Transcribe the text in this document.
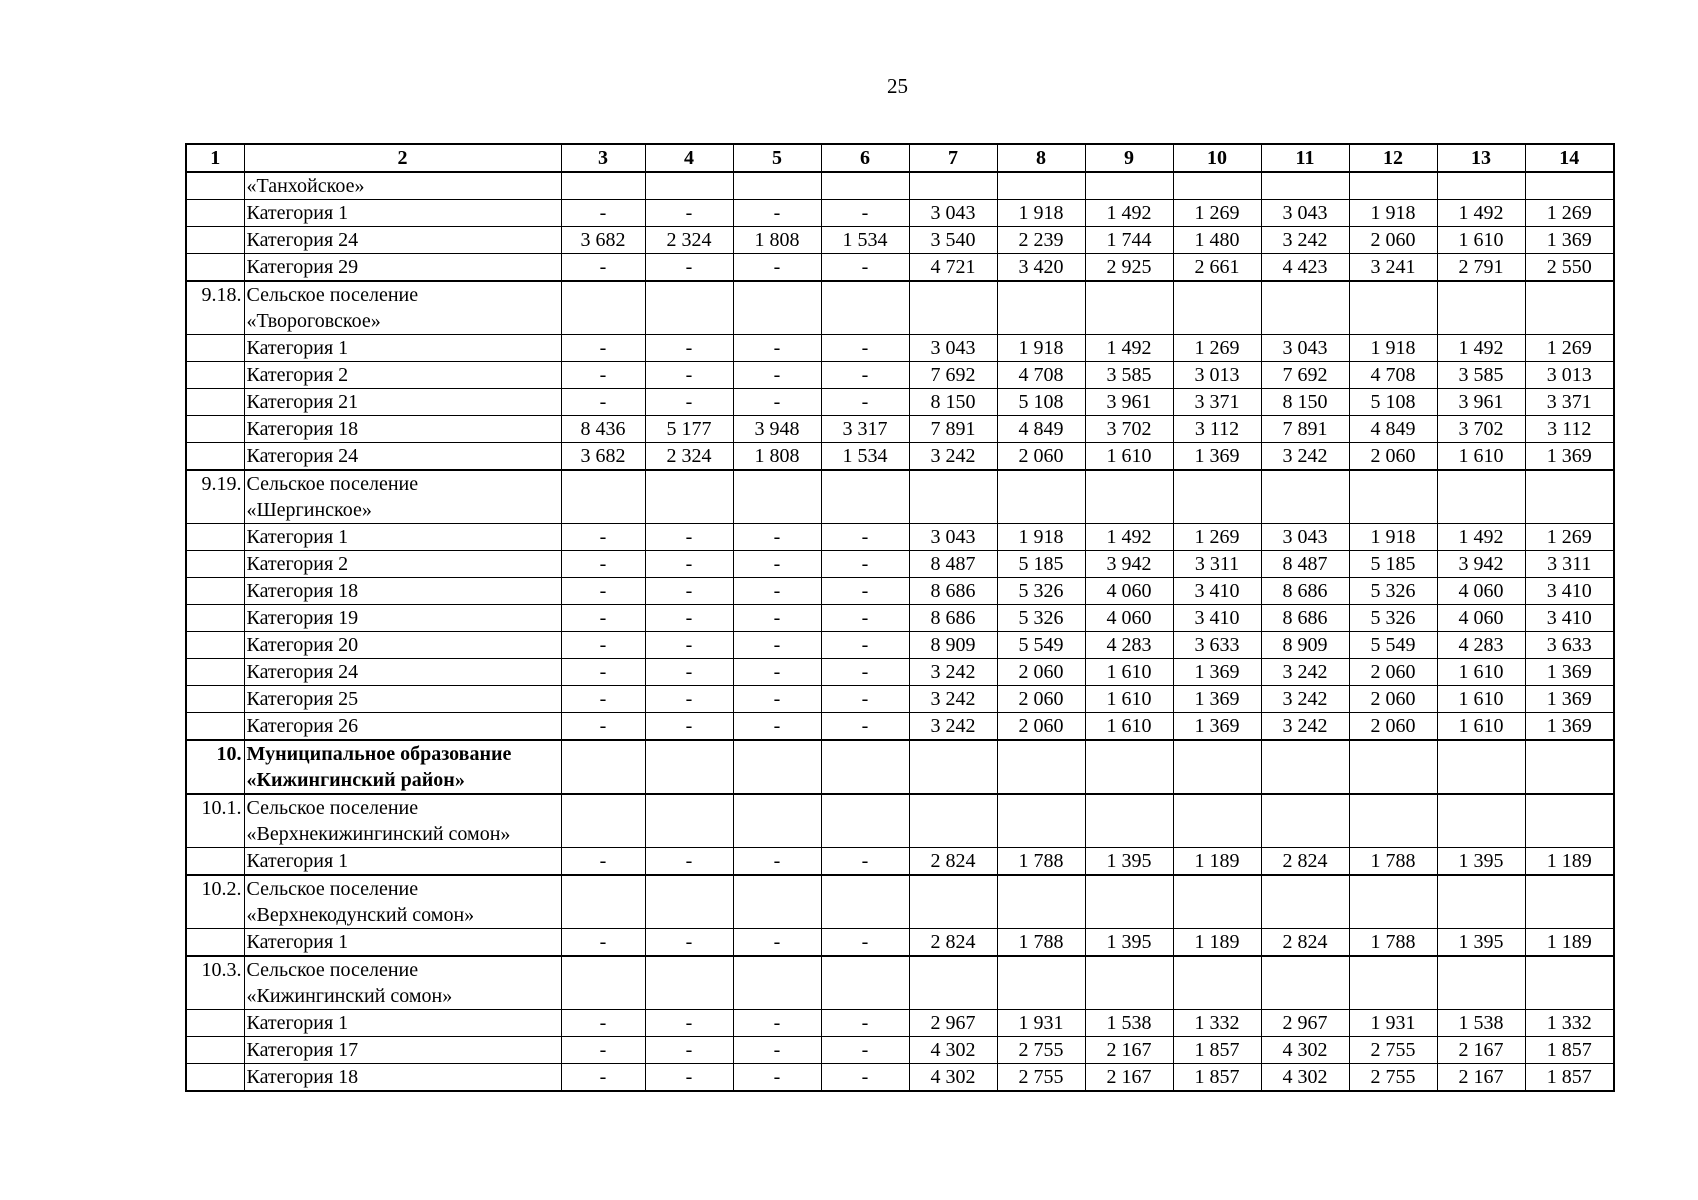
25
1	2	3	4	5	6	7	8	9	10	11	12	13	14
	«Танхойское»												
	Категория 1	-	-	-	-	3 043	1 918	1 492	1 269	3 043	1 918	1 492	1 269
	Категория 24	3 682	2 324	1 808	1 534	3 540	2 239	1 744	1 480	3 242	2 060	1 610	1 369
	Категория 29	-	-	-	-	4 721	3 420	2 925	2 661	4 423	3 241	2 791	2 550
9.18.	Сельское поселение
«Твороговское»												
	Категория 1	-	-	-	-	3 043	1 918	1 492	1 269	3 043	1 918	1 492	1 269
	Категория 2	-	-	-	-	7 692	4 708	3 585	3 013	7 692	4 708	3 585	3 013
	Категория 21	-	-	-	-	8 150	5 108	3 961	3 371	8 150	5 108	3 961	3 371
	Категория 18	8 436	5 177	3 948	3 317	7 891	4 849	3 702	3 112	7 891	4 849	3 702	3 112
	Категория 24	3 682	2 324	1 808	1 534	3 242	2 060	1 610	1 369	3 242	2 060	1 610	1 369
9.19.	Сельское поселение
«Шергинское»												
	Категория 1	-	-	-	-	3 043	1 918	1 492	1 269	3 043	1 918	1 492	1 269
	Категория 2	-	-	-	-	8 487	5 185	3 942	3 311	8 487	5 185	3 942	3 311
	Категория 18	-	-	-	-	8 686	5 326	4 060	3 410	8 686	5 326	4 060	3 410
	Категория 19	-	-	-	-	8 686	5 326	4 060	3 410	8 686	5 326	4 060	3 410
	Категория 20	-	-	-	-	8 909	5 549	4 283	3 633	8 909	5 549	4 283	3 633
	Категория 24	-	-	-	-	3 242	2 060	1 610	1 369	3 242	2 060	1 610	1 369
	Категория 25	-	-	-	-	3 242	2 060	1 610	1 369	3 242	2 060	1 610	1 369
	Категория 26	-	-	-	-	3 242	2 060	1 610	1 369	3 242	2 060	1 610	1 369
10.	Муниципальное образование
«Кижингинский район»												
10.1.	Сельское поселение
«Верхнекижингинский сомон»												
	Категория 1	-	-	-	-	2 824	1 788	1 395	1 189	2 824	1 788	1 395	1 189
10.2.	Сельское поселение
«Верхнекодунский сомон»												
	Категория 1	-	-	-	-	2 824	1 788	1 395	1 189	2 824	1 788	1 395	1 189
10.3.	Сельское поселение
«Кижингинский сомон»												
	Категория 1	-	-	-	-	2 967	1 931	1 538	1 332	2 967	1 931	1 538	1 332
	Категория 17	-	-	-	-	4 302	2 755	2 167	1 857	4 302	2 755	2 167	1 857
	Категория 18	-	-	-	-	4 302	2 755	2 167	1 857	4 302	2 755	2 167	1 857
